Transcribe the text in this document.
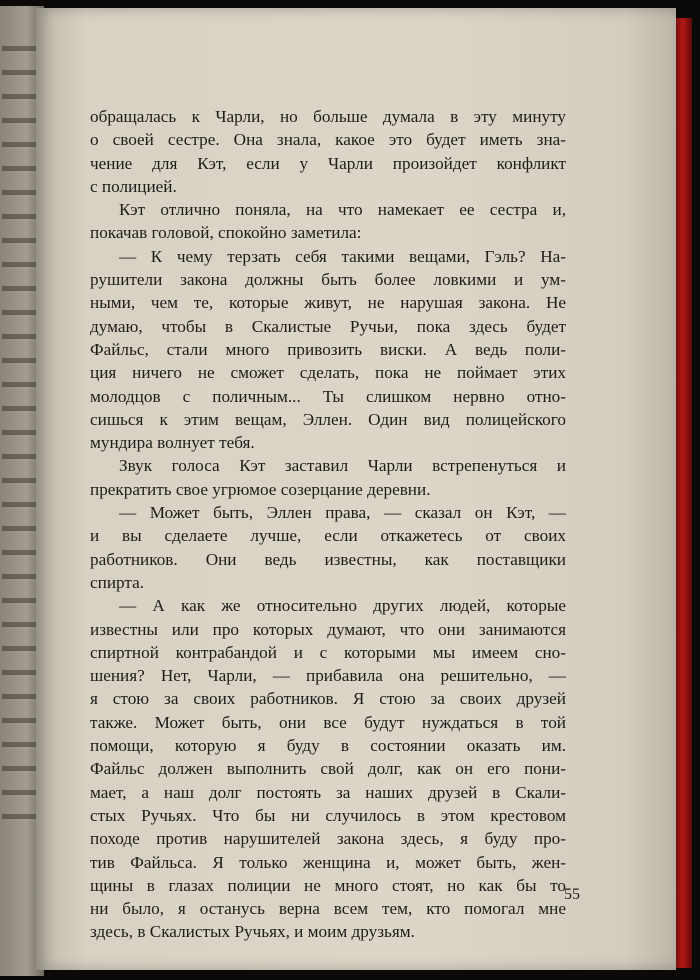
обращалась к Чарли, но больше думала в эту минуту
о своей сестре. Она знала, какое это будет иметь зна-
чение для Кэт, если у Чарли произойдет конфликт
с полицией.
Кэт отлично поняла, на что намекает ее сестра и,
покачав головой, спокойно заметила:
— К чему терзать себя такими вещами, Гэль? На-
рушители закона должны быть более ловкими и ум-
ными, чем те, которые живут, не нарушая закона. Не
думаю, чтобы в Скалистые Ручьи, пока здесь будет
Файльс, стали много привозить виски. А ведь поли-
ция ничего не сможет сделать, пока не поймает этих
молодцов с поличным... Ты слишком нервно отно-
сишься к этим вещам, Эллен. Один вид полицейского
мундира волнует тебя.
Звук голоса Кэт заставил Чарли встрепенуться и
прекратить свое угрюмое созерцание деревни.
— Может быть, Эллен права, — сказал он Кэт, —
и вы сделаете лучше, если откажетесь от своих
работников. Они ведь известны, как поставщики
спирта.
— А как же относительно других людей, которые
известны или про которых думают, что они занимаются
спиртной контрабандой и с которыми мы имеем сно-
шения? Нет, Чарли, — прибавила она решительно, —
я стою за своих работников. Я стою за своих друзей
также. Может быть, они все будут нуждаться в той
помощи, которую я буду в состоянии оказать им.
Файльс должен выполнить свой долг, как он его пони-
мает, а наш долг постоять за наших друзей в Скали-
стых Ручьях. Что бы ни случилось в этом крестовом
походе против нарушителей закона здесь, я буду про-
тив Файльса. Я только женщина и, может быть, жен-
щины в глазах полиции не много стоят, но как бы то
ни было, я останусь верна всем тем, кто помогал мне
здесь, в Скалистых Ручьях, и моим друзьям.
55
